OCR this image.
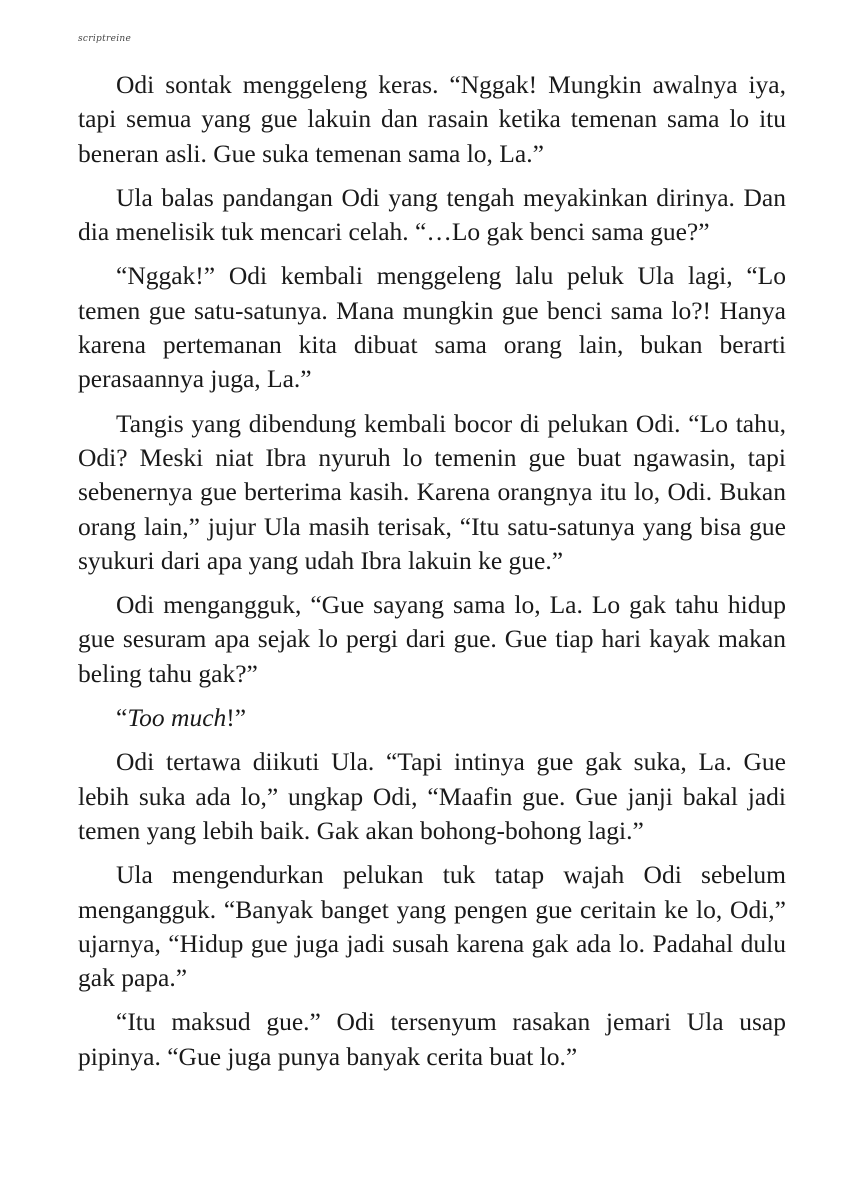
scriptreine

Odi sontak menggeleng keras. “Nggak! Mungkin awalnya iya, tapi semua yang gue lakuin dan rasain ketika temenan sama lo itu beneran asli. Gue suka temenan sama lo, La.”

Ula balas pandangan Odi yang tengah meyakinkan dirinya. Dan dia menelisik tuk mencari celah. “…Lo gak benci sama gue?”

“Nggak!” Odi kembali menggeleng lalu peluk Ula lagi, “Lo temen gue satu-satunya. Mana mungkin gue benci sama lo?! Hanya karena pertemanan kita dibuat sama orang lain, bukan berarti perasaannya juga, La.”

Tangis yang dibendung kembali bocor di pelukan Odi. “Lo tahu, Odi? Meski niat Ibra nyuruh lo temenin gue buat ngawasin, tapi sebenernya gue berterima kasih. Karena orangnya itu lo, Odi. Bukan orang lain,” jujur Ula masih terisak, “Itu satu-satunya yang bisa gue syukuri dari apa yang udah Ibra lakuin ke gue.”

Odi mengangguk, “Gue sayang sama lo, La. Lo gak tahu hidup gue sesuram apa sejak lo pergi dari gue. Gue tiap hari kayak makan beling tahu gak?”

“Too much!”

Odi tertawa diikuti Ula. “Tapi intinya gue gak suka, La. Gue lebih suka ada lo,” ungkap Odi, “Maafin gue. Gue janji bakal jadi temen yang lebih baik. Gak akan bohong-bohong lagi.”

Ula mengendurkan pelukan tuk tatap wajah Odi sebelum mengangguk. “Banyak banget yang pengen gue ceritain ke lo, Odi,” ujarnya, “Hidup gue juga jadi susah karena gak ada lo. Padahal dulu gak papa.”

“Itu maksud gue.” Odi tersenyum rasakan jemari Ula usap pipinya. “Gue juga punya banyak cerita buat lo.”
